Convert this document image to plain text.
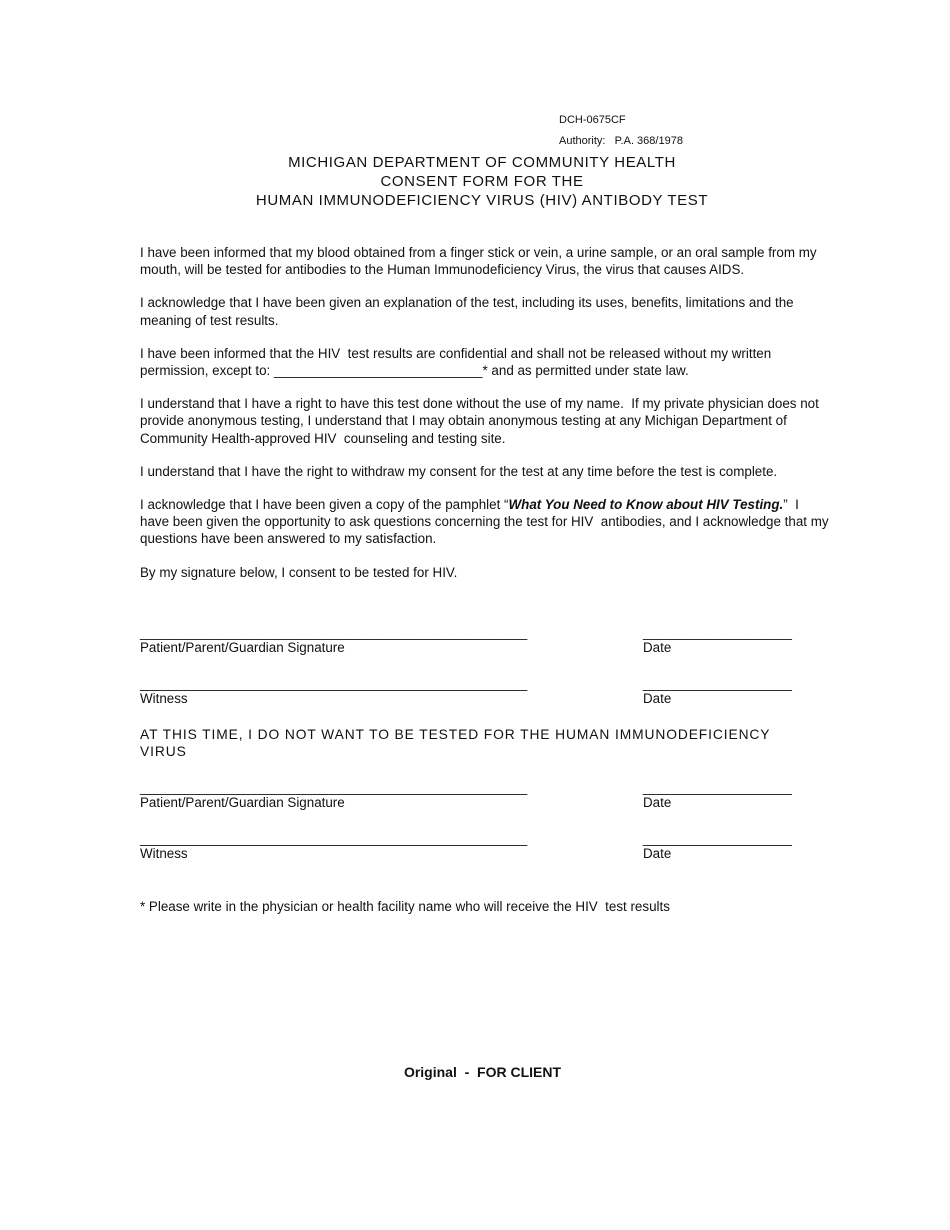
DCH-0675CF
Authority:   P.A. 368/1978
MICHIGAN DEPARTMENT OF COMMUNITY HEALTH
CONSENT FORM FOR THE
HUMAN IMMUNODEFICIENCY VIRUS (HIV) ANTIBODY TEST

I have been informed that my blood obtained from a finger stick or vein, a urine sample, or an oral sample from my mouth, will be tested for antibodies to the Human Immunodeficiency Virus, the virus that causes AIDS.

I acknowledge that I have been given an explanation of the test, including its uses, benefits, limitations and the meaning of test results.

I have been informed that the HIV  test results are confidential and shall not be released without my written permission, except to: ____________________________* and as permitted under state law.

I understand that I have a right to have this test done without the use of my name.  If my private physician does not provide anonymous testing, I understand that I may obtain anonymous testing at any Michigan Department of Community Health-approved HIV  counseling and testing site.

I understand that I have the right to withdraw my consent for the test at any time before the test is complete.

I acknowledge that I have been given a copy of the pamphlet “What You Need to Know about HIV Testing.”  I have been given the opportunity to ask questions concerning the test for HIV  antibodies, and I acknowledge that my questions have been answered to my satisfaction.

By my signature below, I consent to be tested for HIV.

____________________________________________________
Patient/Parent/Guardian Signature
____________________
Date
____________________________________________________
Witness
____________________
Date
AT THIS TIME, I DO NOT WANT TO BE TESTED FOR THE HUMAN IMMUNODEFICIENCY VIRUS
____________________________________________________
Patient/Parent/Guardian Signature
____________________
Date
____________________________________________________
Witness
____________________
Date
* Please write in the physician or health facility name who will receive the HIV  test results
Original  -  FOR CLIENT
